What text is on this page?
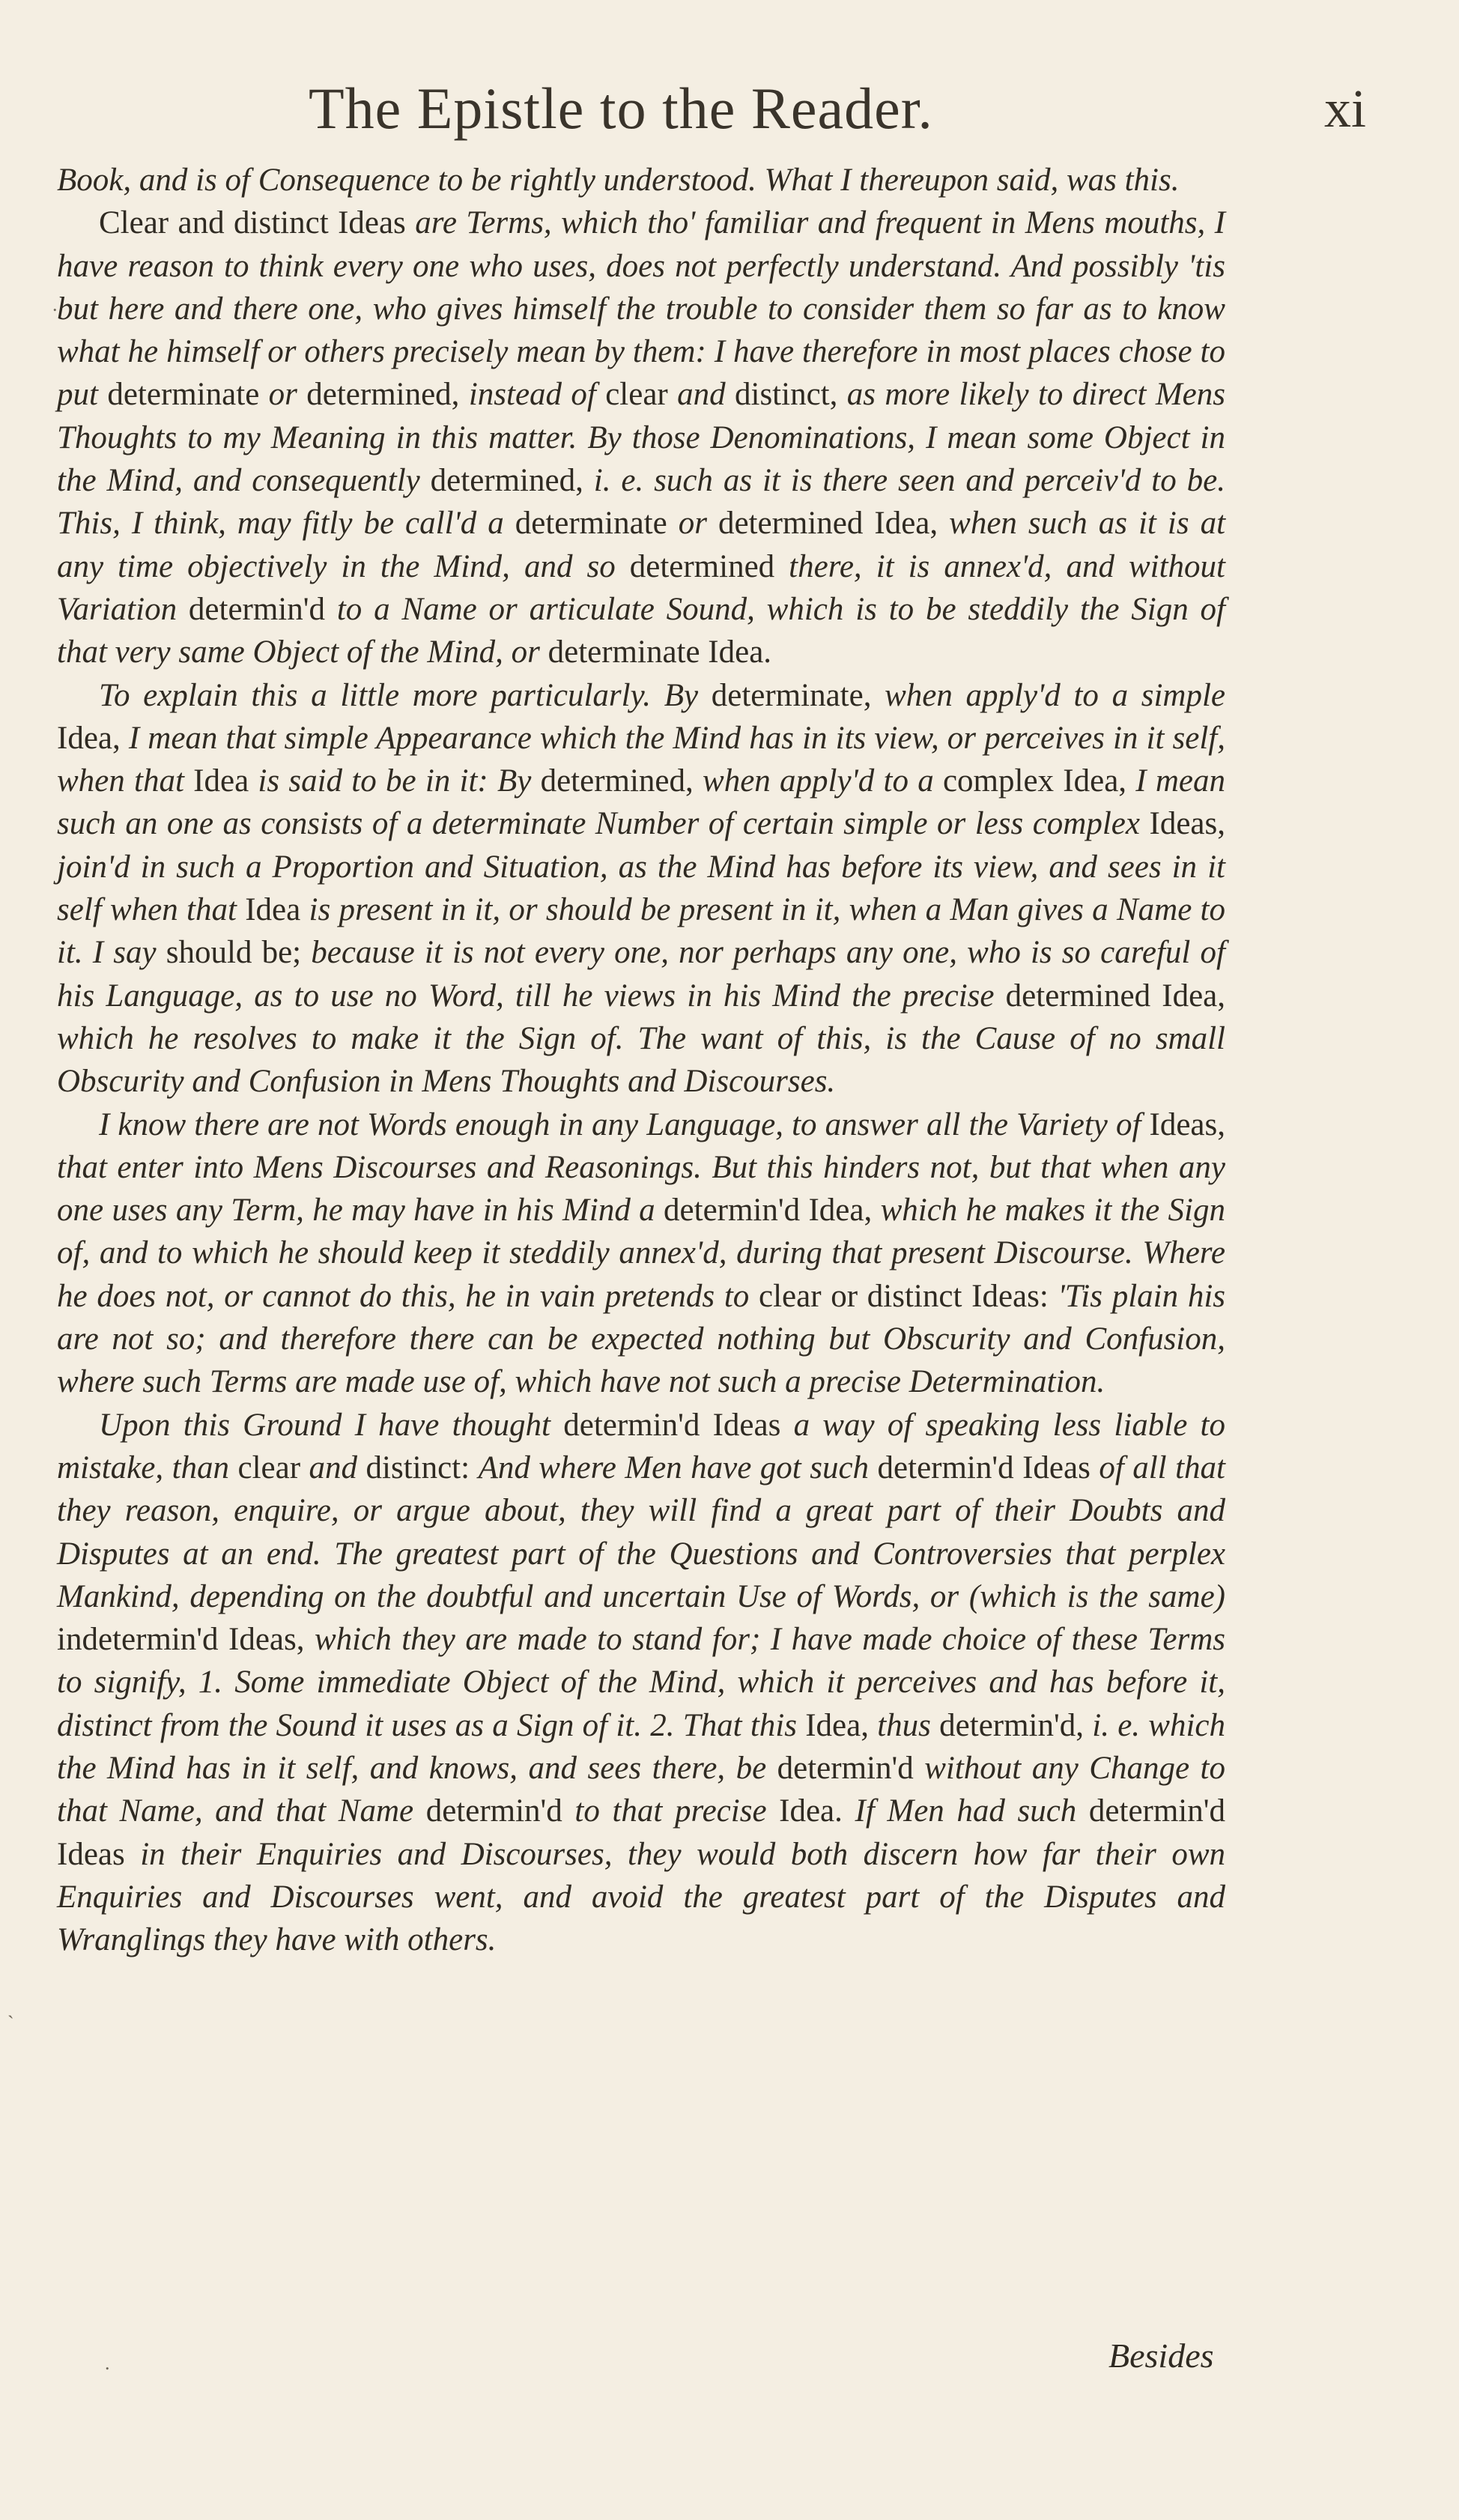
The Epistle to the Reader.	xi
.
`
.

Book, and is of Consequence to be rightly understood. What I thereupon said, was this.

Clear and distinct Ideas are Terms, which tho' familiar and frequent in Mens mouths, I have reason to think every one who uses, does not perfectly understand. And possibly 'tis but here and there one, who gives himself the trouble to consider them so far as to know what he himself or others precisely mean by them: I have therefore in most places chose to put determinate or determined, instead of clear and distinct, as more likely to direct Mens Thoughts to my Meaning in this matter. By those Denominations, I mean some Object in the Mind, and consequently determined, i. e. such as it is there seen and perceiv'd to be. This, I think, may fitly be call'd a determinate or determined Idea, when such as it is at any time objectively in the Mind, and so determined there, it is annex'd, and without Variation determin'd to a Name or articulate Sound, which is to be steddily the Sign of that very same Object of the Mind, or determinate Idea.

To explain this a little more particularly. By determinate, when apply'd to a simple Idea, I mean that simple Appearance which the Mind has in its view, or perceives in it self, when that Idea is said to be in it: By determined, when apply'd to a complex Idea, I mean such an one as consists of a determinate Number of certain simple or less complex Ideas, join'd in such a Proportion and Situation, as the Mind has before its view, and sees in it self when that Idea is present in it, or should be present in it, when a Man gives a Name to it. I say should be; because it is not every one, nor perhaps any one, who is so careful of his Language, as to use no Word, till he views in his Mind the precise determined Idea, which he resolves to make it the Sign of. The want of this, is the Cause of no small Obscurity and Confusion in Mens Thoughts and Discourses.

I know there are not Words enough in any Language, to answer all the Variety of Ideas, that enter into Mens Discourses and Reasonings. But this hinders not, but that when any one uses any Term, he may have in his Mind a determin'd Idea, which he makes it the Sign of, and to which he should keep it steddily annex'd, during that present Discourse. Where he does not, or cannot do this, he in vain pretends to clear or distinct Ideas: 'Tis plain his are not so; and therefore there can be expected nothing but Obscurity and Confusion, where such Terms are made use of, which have not such a precise Determination.

Upon this Ground I have thought determin'd Ideas a way of speaking less liable to mistake, than clear and distinct: And where Men have got such determin'd Ideas of all that they reason, enquire, or argue about, they will find a great part of their Doubts and Disputes at an end. The greatest part of the Questions and Controversies that perplex Mankind, depending on the doubtful and uncertain Use of Words, or (which is the same) indetermin'd Ideas, which they are made to stand for; I have made choice of these Terms to signify, 1. Some immediate Object of the Mind, which it perceives and has before it, distinct from the Sound it uses as a Sign of it. 2. That this Idea, thus determin'd, i. e. which the Mind has in it self, and knows, and sees there, be determin'd without any Change to that Name, and that Name determin'd to that precise Idea. If Men had such determin'd Ideas in their Enquiries and Discourses, they would both discern how far their own Enquiries and Discourses went, and avoid the greatest part of the Disputes and Wranglings they have with others.

Besides
